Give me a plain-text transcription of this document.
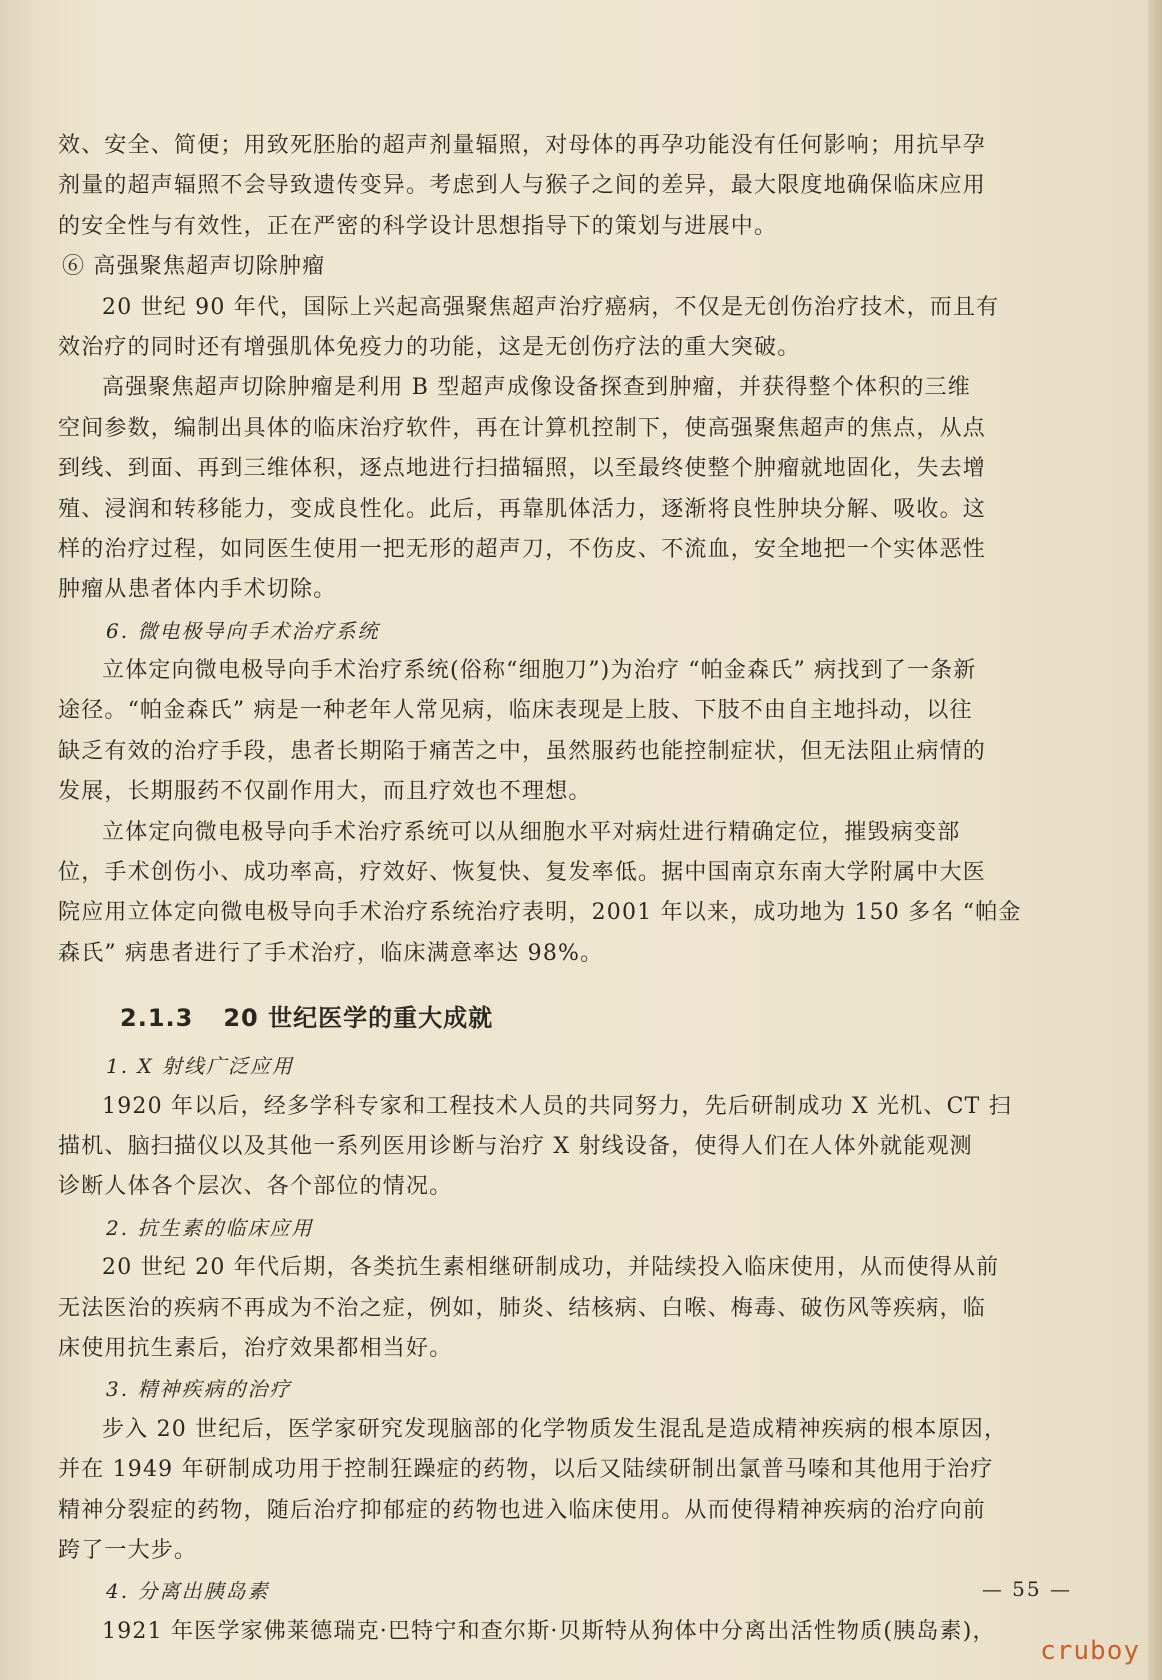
效、安全、简便；用致死胚胎的超声剂量辐照，对母体的再孕功能没有任何影响；用抗早孕
剂量的超声辐照不会导致遗传变异。考虑到人与猴子之间的差异，最大限度地确保临床应用
的安全性与有效性，正在严密的科学设计思想指导下的策划与进展中。
⑥ 高强聚焦超声切除肿瘤
20 世纪 90 年代，国际上兴起高强聚焦超声治疗癌病，不仅是无创伤治疗技术，而且有
效治疗的同时还有增强肌体免疫力的功能，这是无创伤疗法的重大突破。
高强聚焦超声切除肿瘤是利用 B 型超声成像设备探查到肿瘤，并获得整个体积的三维
空间参数，编制出具体的临床治疗软件，再在计算机控制下，使高强聚焦超声的焦点，从点
到线、到面、再到三维体积，逐点地进行扫描辐照，以至最终使整个肿瘤就地固化，失去增
殖、浸润和转移能力，变成良性化。此后，再靠肌体活力，逐渐将良性肿块分解、吸收。这
样的治疗过程，如同医生使用一把无形的超声刀，不伤皮、不流血，安全地把一个实体恶性
肿瘤从患者体内手术切除。
6. 微电极导向手术治疗系统
立体定向微电极导向手术治疗系统(俗称“细胞刀”)为治疗 “帕金森氏” 病找到了一条新
途径。“帕金森氏” 病是一种老年人常见病，临床表现是上肢、下肢不由自主地抖动，以往
缺乏有效的治疗手段，患者长期陷于痛苦之中，虽然服药也能控制症状，但无法阻止病情的
发展，长期服药不仅副作用大，而且疗效也不理想。
立体定向微电极导向手术治疗系统可以从细胞水平对病灶进行精确定位，摧毁病变部
位，手术创伤小、成功率高，疗效好、恢复快、复发率低。据中国南京东南大学附属中大医
院应用立体定向微电极导向手术治疗系统治疗表明，2001 年以来，成功地为 150 多名 “帕金
森氏” 病患者进行了手术治疗，临床满意率达 98%。
2.1.3 20 世纪医学的重大成就
1. X 射线广泛应用
1920 年以后，经多学科专家和工程技术人员的共同努力，先后研制成功 X 光机、CT 扫
描机、脑扫描仪以及其他一系列医用诊断与治疗 X 射线设备，使得人们在人体外就能观测
诊断人体各个层次、各个部位的情况。
2. 抗生素的临床应用
20 世纪 20 年代后期，各类抗生素相继研制成功，并陆续投入临床使用，从而使得从前
无法医治的疾病不再成为不治之症，例如，肺炎、结核病、白喉、梅毒、破伤风等疾病，临
床使用抗生素后，治疗效果都相当好。
3. 精神疾病的治疗
步入 20 世纪后，医学家研究发现脑部的化学物质发生混乱是造成精神疾病的根本原因，
并在 1949 年研制成功用于控制狂躁症的药物，以后又陆续研制出氯普马嗪和其他用于治疗
精神分裂症的药物，随后治疗抑郁症的药物也进入临床使用。从而使得精神疾病的治疗向前
跨了一大步。
4. 分离出胰岛素
1921 年医学家佛莱德瑞克·巴特宁和查尔斯·贝斯特从狗体中分离出活性物质(胰岛素)，
— 55 —
cruboy
